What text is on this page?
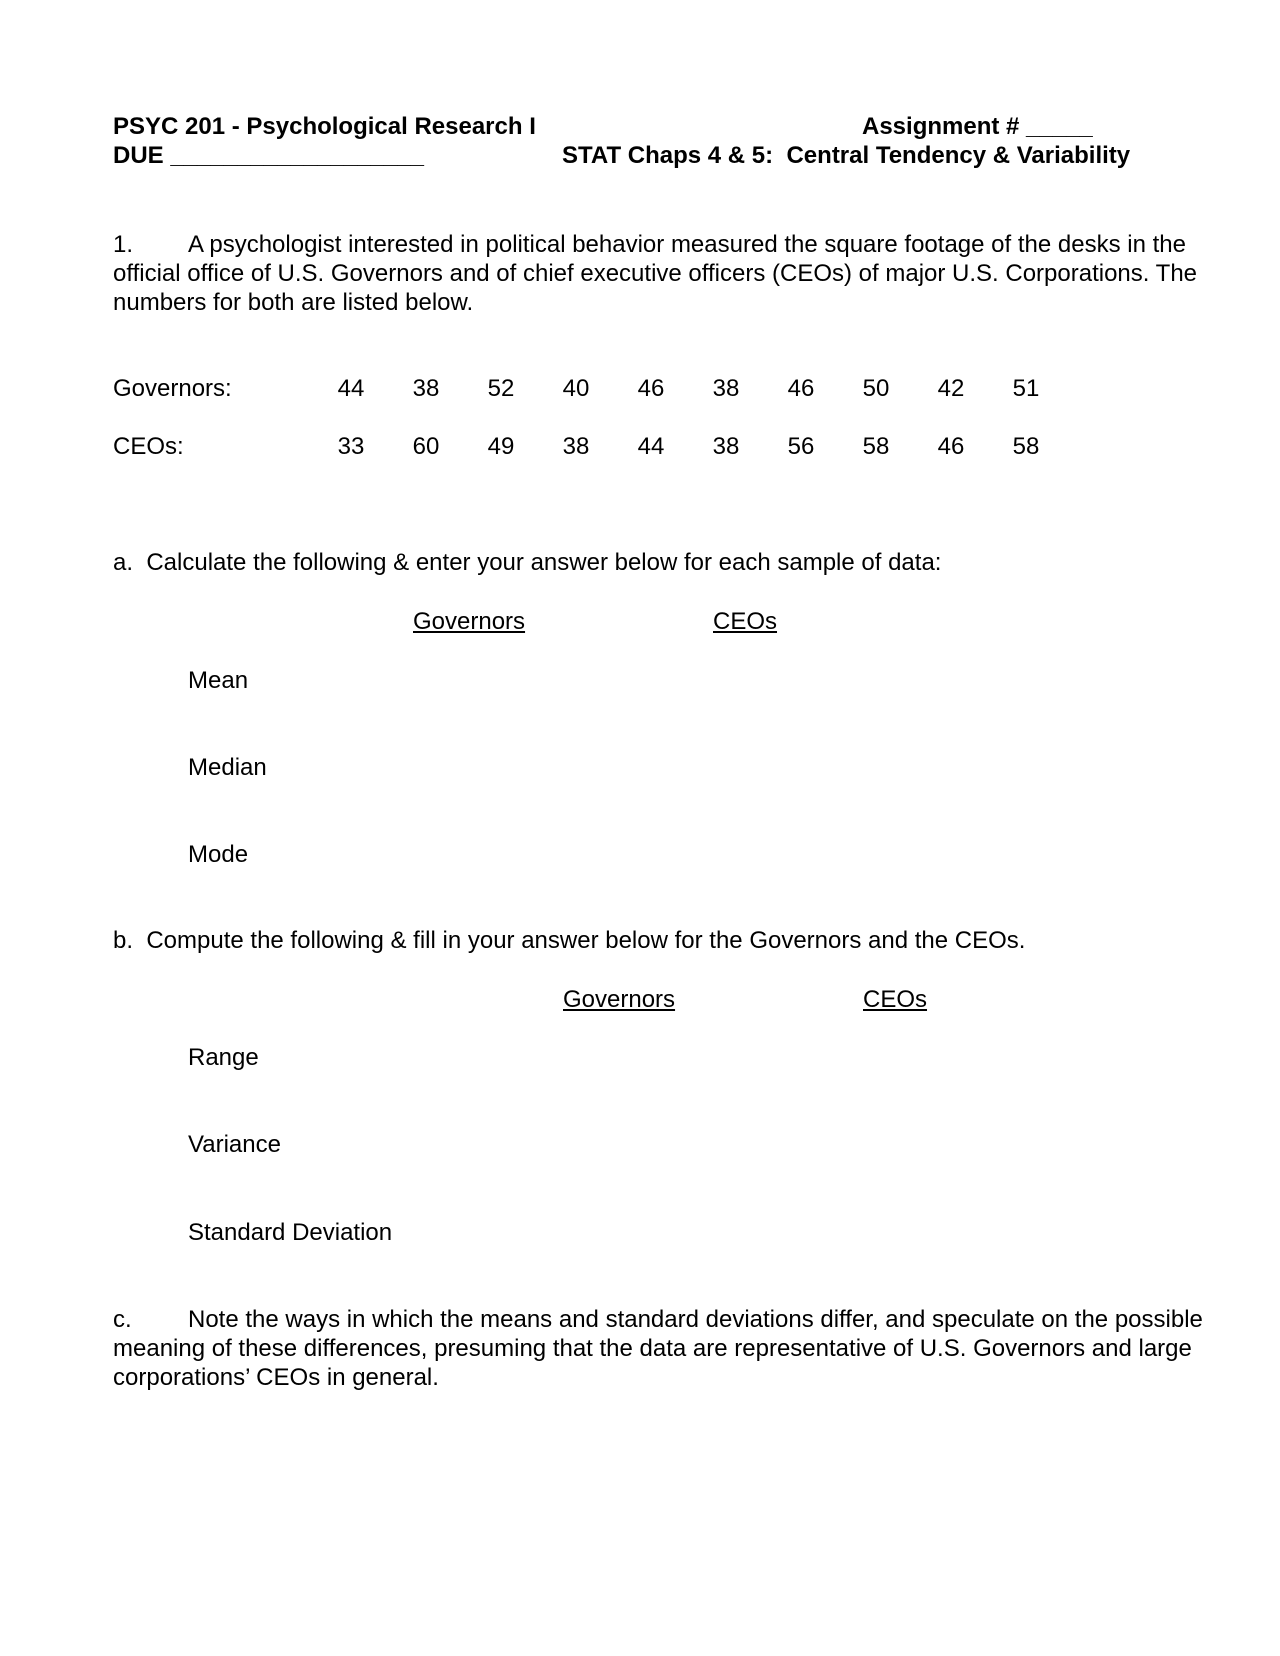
PSYC 201 - Psychological Research I	Assignment # _____
DUE ___________________	STAT Chaps 4 & 5:  Central Tendency & Variability
1. A psychologist interested in political behavior measured the square footage of the desks in the official office of U.S. Governors and of chief executive officers (CEOs) of major U.S. Corporations. The numbers for both are listed below.
Governors:	44	38	52	40	46	38	46	50	42	51
CEOs:	33	60	49	38	44	38	56	58	46	58
a.  Calculate the following & enter your answer below for each sample of data:
Governors	CEOs
Mean
Median
Mode
b.  Compute the following & fill in your answer below for the Governors and the CEOs.
Governors	CEOs
Range
Variance
Standard Deviation
c. Note the ways in which the means and standard deviations differ, and speculate on the possible meaning of these differences, presuming that the data are representative of U.S. Governors and large corporations’ CEOs in general.
